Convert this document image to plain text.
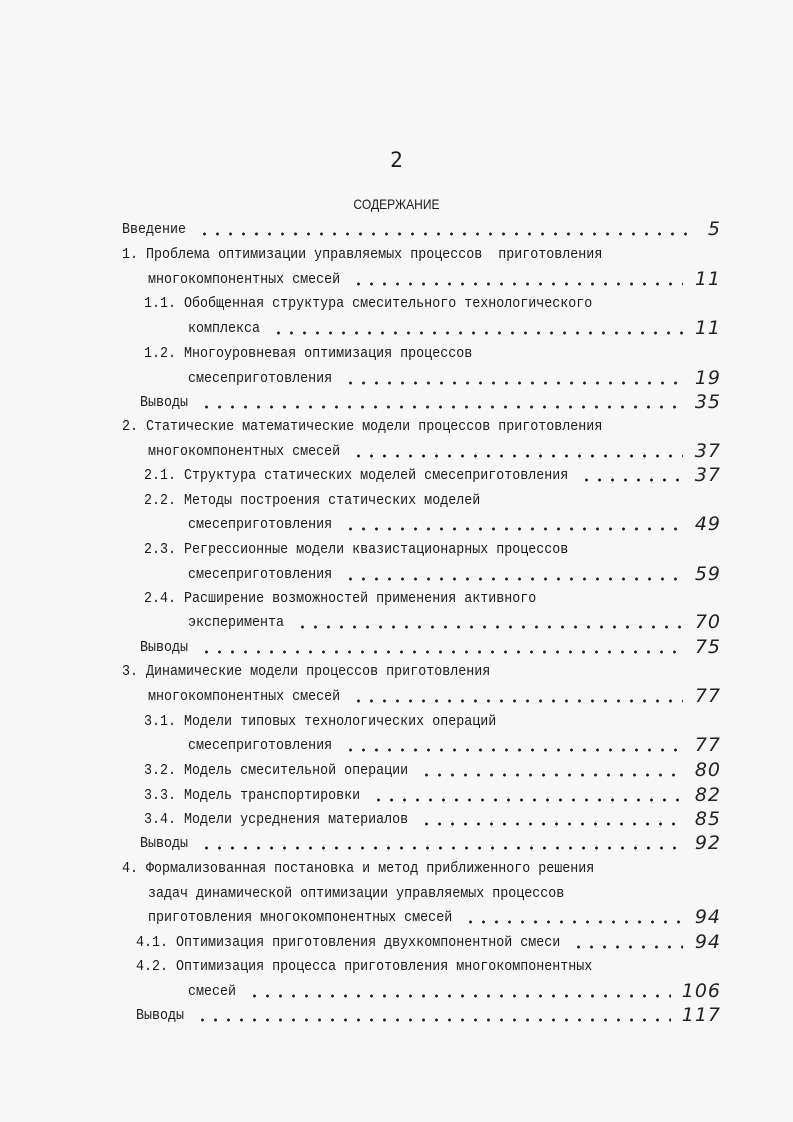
2
СОДЕРЖАНИЕ
Введение	5
1. Проблема оптимизации управляемых процессов  приготовления
многокомпонентных смесей	11
1.1. Обобщенная структура смесительного технологического
комплекса	11
1.2. Многоуровневая оптимизация процессов
смесеприготовления	19
Выводы	35
2. Статические математические модели процессов приготовления
многокомпонентных смесей	37
2.1. Структура статических моделей смесеприготовления	37
2.2. Методы построения статических моделей
смесеприготовления	49
2.3. Регрессионные модели квазистационарных процессов
смесеприготовления	59
2.4. Расширение возможностей применения активного
эксперимента	70
Выводы	75
3. Динамические модели процессов приготовления
многокомпонентных смесей	77
3.1. Модели типовых технологических операций
смесеприготовления	77
3.2. Модель смесительной операции	80
3.3. Модель транспортировки	82
3.4. Модели усреднения материалов	85
Выводы	92
4. Формализованная постановка и метод приближенного решения
задач динамической оптимизации управляемых процессов
приготовления многокомпонентных смесей	94
4.1. Оптимизация приготовления двухкомпонентной смеси	94
4.2. Оптимизация процесса приготовления многокомпонентных
смесей	106
Выводы	117
